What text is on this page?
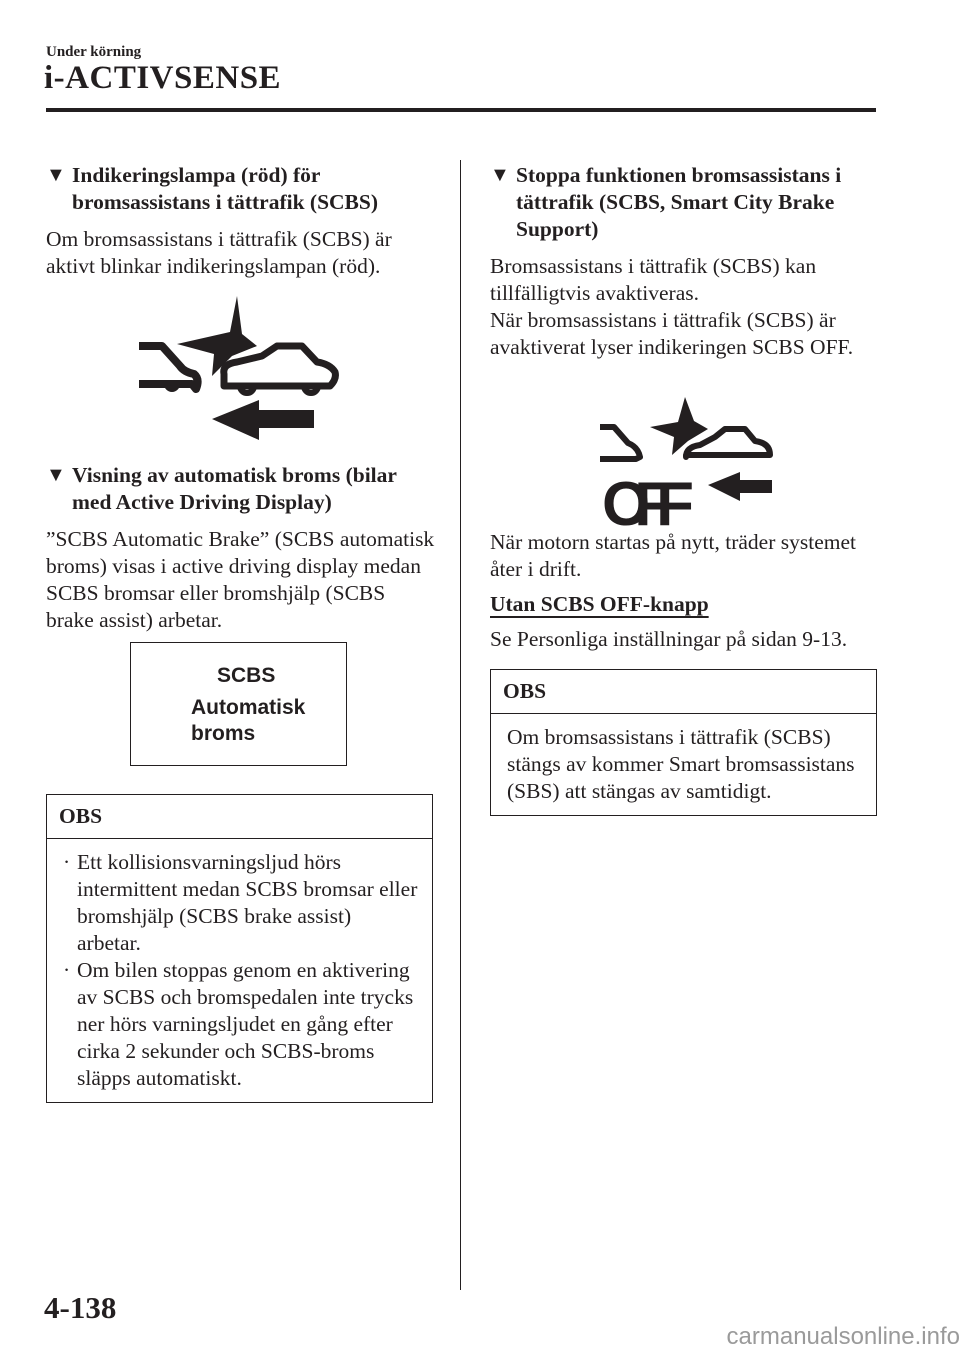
Under körning
i-ACTIVSENSE
▼ Indikeringslampa (röd) för bromsassistans i tättrafik (SCBS)

Om bromsassistans i tättrafik (SCBS) är aktivt blinkar indikeringslampan (röd).

▼ Visning av automatisk broms (bilar med Active Driving Display)

”SCBS Automatic Brake” (SCBS automatisk broms) visas i active driving display medan SCBS bromsar eller bromshjälp (SCBS brake assist) arbetar.

SCBS
Automatisk
broms
OBS
· Ett kollisionsvarningsljud hörs intermittent medan SCBS bromsar eller bromshjälp (SCBS brake assist) arbetar.
· Om bilen stoppas genom en aktivering av SCBS och bromspedalen inte trycks ner hörs varningsljudet en gång efter cirka 2 sekunder och SCBS-broms släpps automatiskt.
▼ Stoppa funktionen bromsassistans i tättrafik (SCBS, Smart City Brake Support)

Bromsassistans i tättrafik (SCBS) kan tillfälligtvis avaktiveras.

När bromsassistans i tättrafik (SCBS) är avaktiverat lyser indikeringen SCBS OFF.

OFF

När motorn startas på nytt, träder systemet åter i drift.

Utan SCBS OFF-knapp

Se Personliga inställningar på sidan 9-13.

OBS
Om bromsassistans i tättrafik (SCBS) stängs av kommer Smart bromsassistans (SBS) att stängas av samtidigt.
4-138
carmanualsonline.info
